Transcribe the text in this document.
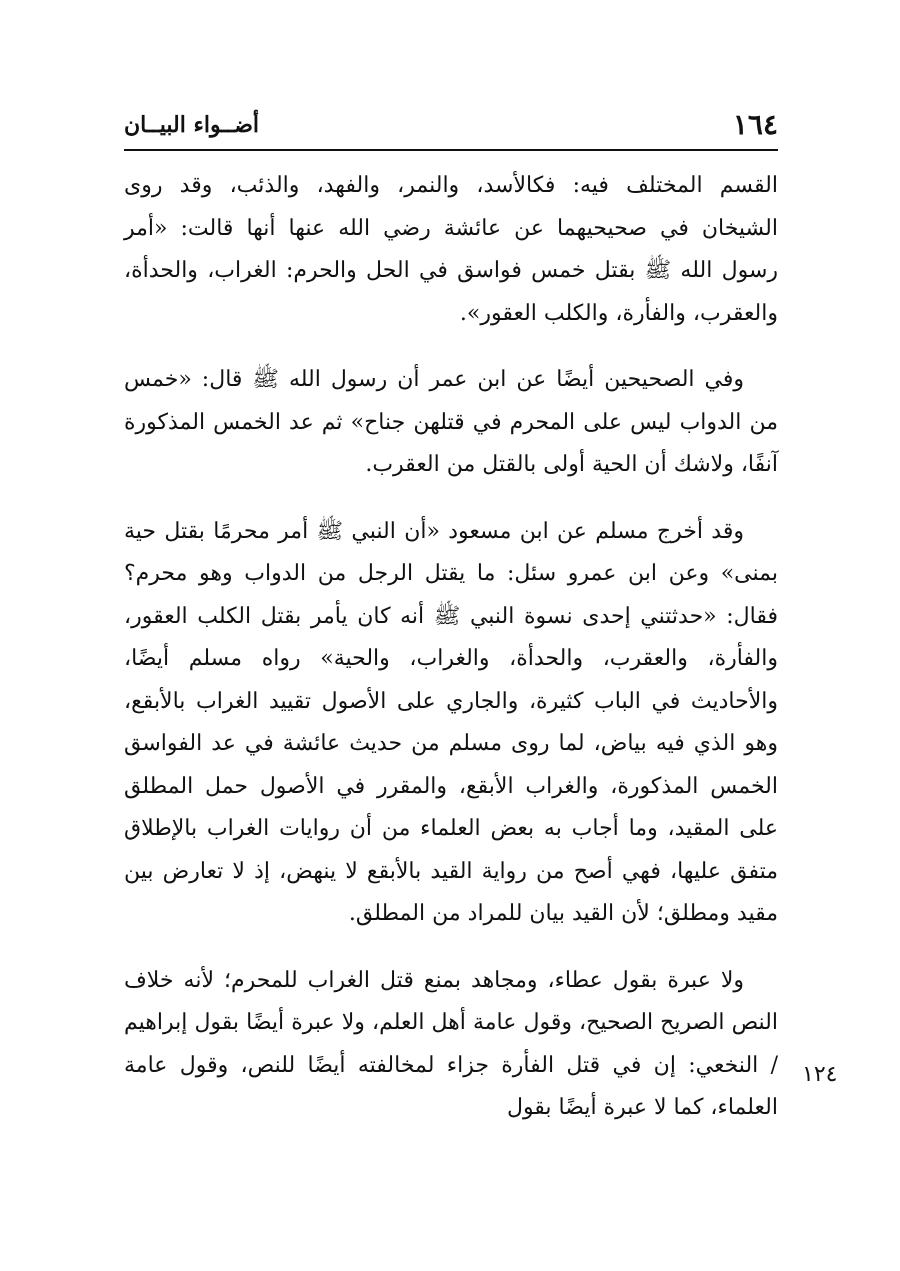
١٦٤
أضــواء البيــان

القسم المختلف فيه: فكالأسد، والنمر، والفهد، والذئب، وقد روى الشيخان في صحيحيهما عن عائشة رضي الله عنها أنها قالت: «أمر رسول الله ﷺ بقتل خمس فواسق في الحل والحرم: الغراب، والحدأة، والعقرب، والفأرة، والكلب العقور».

وفي الصحيحين أيضًا عن ابن عمر أن رسول الله ﷺ قال: «خمس من الدواب ليس على المحرم في قتلهن جناح» ثم عد الخمس المذكورة آنفًا، ولاشك أن الحية أولى بالقتل من العقرب.

وقد أخرج مسلم عن ابن مسعود «أن النبي ﷺ أمر محرمًا بقتل حية بمنى» وعن ابن عمرو سئل: ما يقتل الرجل من الدواب وهو محرم؟ فقال: «حدثتني إحدى نسوة النبي ﷺ أنه كان يأمر بقتل الكلب العقور، والفأرة، والعقرب، والحدأة، والغراب، والحية» رواه مسلم أيضًا، والأحاديث في الباب كثيرة، والجاري على الأصول تقييد الغراب بالأبقع، وهو الذي فيه بياض، لما روى مسلم من حديث عائشة في عد الفواسق الخمس المذكورة، والغراب الأبقع، والمقرر في الأصول حمل المطلق على المقيد، وما أجاب به بعض العلماء من أن روايات الغراب بالإطلاق متفق عليها، فهي أصح من رواية القيد بالأبقع لا ينهض، إذ لا تعارض بين مقيد ومطلق؛ لأن القيد بيان للمراد من المطلق.

ولا عبرة بقول عطاء، ومجاهد بمنع قتل الغراب للمحرم؛ لأنه خلاف النص الصريح الصحيح، وقول عامة أهل العلم، ولا عبرة أيضًا بقول إبراهيم / النخعي: إن في قتل الفأرة جزاء لمخالفته أيضًا للنص، وقول عامة العلماء، كما لا عبرة أيضًا بقول

١٢٤
